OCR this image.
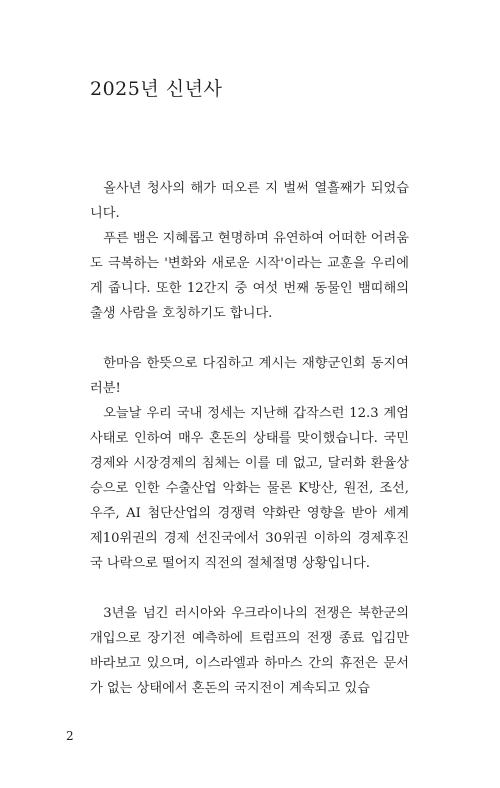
2025년 신년사

올사년 청사의 해가 떠오른 지 벌써 열흘째가 되었습니다.

푸른 뱀은 지혜롭고 현명하며 유연하여 어떠한 어려움도 극복하는 '변화와 새로운 시작'이라는 교훈을 우리에게 줍니다. 또한 12간지 중 여섯 번째 동물인 뱀띠해의 출생 사람을 호칭하기도 합니다.

한마음 한뜻으로 다짐하고 계시는 재향군인회 동지여러분!

오늘날 우리 국내 정세는 지난해 갑작스런 12.3 계엄사태로 인하여 매우 혼돈의 상태를 맞이했습니다. 국민경제와 시장경제의 침체는 이를 데 없고, 달러화 환율상승으로 인한 수출산업 악화는 물론 K방산, 원전, 조선, 우주, AI 첨단산업의 경쟁력 약화란 영향을 받아 세계 제10위권의 경제 선진국에서 30위권 이하의 경제후진국 나락으로 떨어지 직전의 절체절명 상황입니다.

3년을 넘긴 러시아와 우크라이나의 전쟁은 북한군의 개입으로 장기전 예측하에 트럼프의 전쟁 종료 입김만 바라보고 있으며, 이스라엘과 하마스 간의 휴전은 문서가 없는 상태에서 혼돈의 국지전이 계속되고 있습

2
